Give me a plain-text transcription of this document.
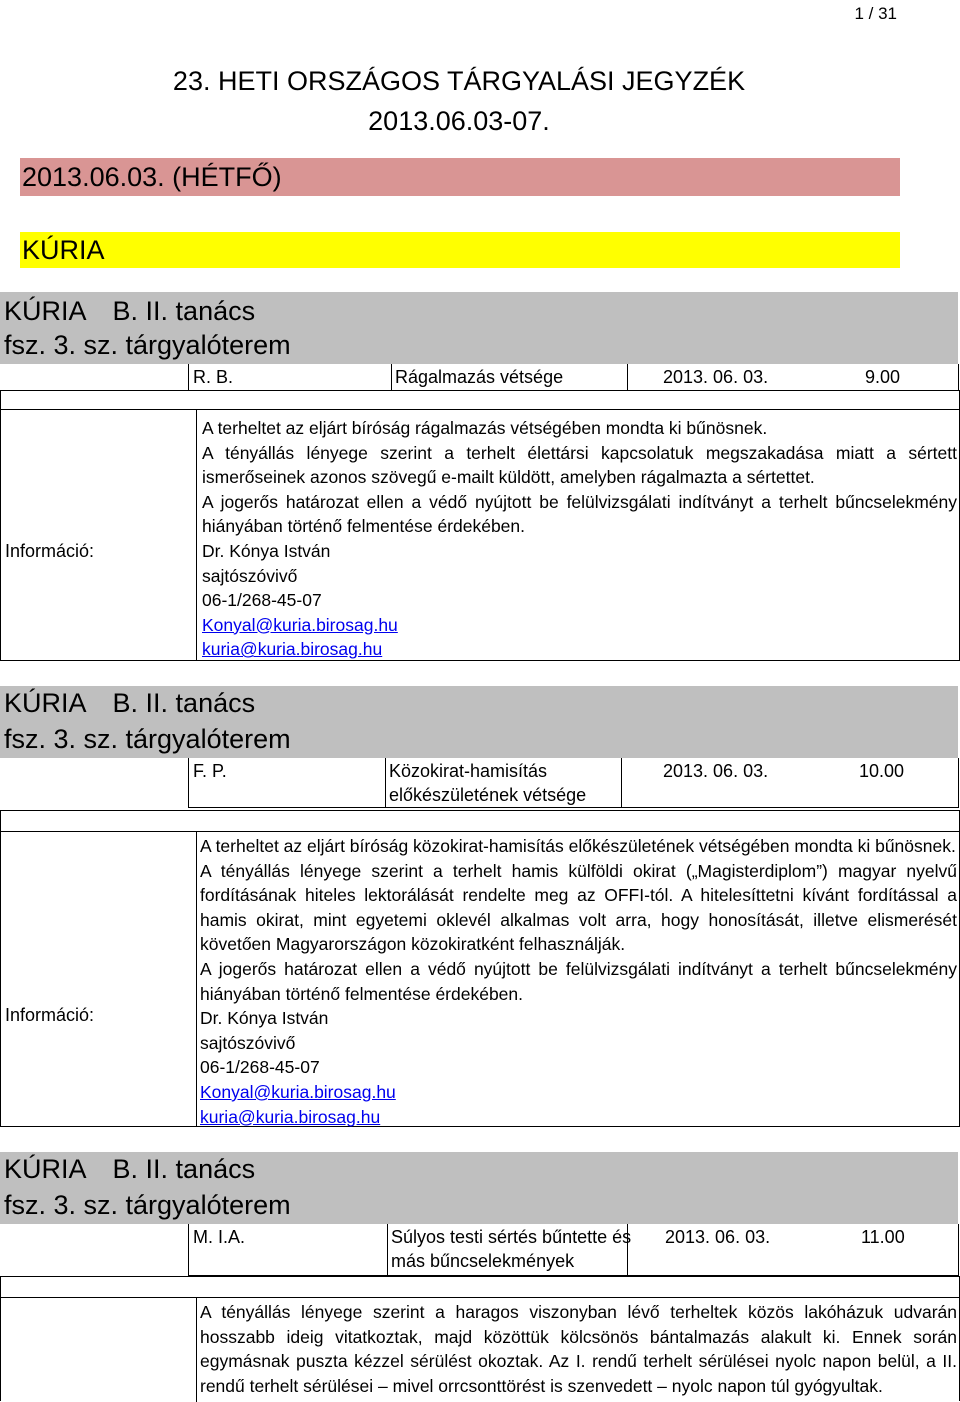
1 / 31
23. HETI ORSZÁGOS TÁRGYALÁSI JEGYZÉK
2013.06.03-07.
2013.06.03. (HÉTFŐ)
KÚRIA
KÚRIA B. II. tanács
fsz. 3. sz. tárgyalóterem
R. B.	Rágalmazás vétsége	2013. 06. 03.	9.00
Információ:

A terheltet az eljárt bíróság rágalmazás vétségében mondta ki bűnösnek.

A tényállás lényege szerint a terhelt élettársi kapcsolatuk megszakadása miatt a sértett ismerőseinek azonos szövegű e-mailt küldött, amelyben rágalmazta a sértettet.

A jogerős határozat ellen a védő nyújtott be felülvizsgálati indítványt a terhelt bűncselekmény hiányában történő felmentése érdekében.

Dr. Kónya István

sajtószóvivő

06-1/268-45-07

Konyal@kuria.birosag.hu

kuria@kuria.birosag.hu

KÚRIA B. II. tanács
fsz. 3. sz. tárgyalóterem
F. P.	Közokirat-hamisítás
előkészületének vétsége
2013. 06. 03.	10.00
Információ:

A terheltet az eljárt bíróság közokirat-hamisítás előkészületének vétségében mondta ki bűnösnek.

A tényállás lényege szerint a terhelt hamis külföldi okirat („Magisterdiplom”) magyar nyelvű fordításának hiteles lektorálását rendelte meg az OFFI-tól. A hitelesíttetni kívánt fordítással a hamis okirat, mint egyetemi oklevél alkalmas volt arra, hogy honosítását, illetve elismerését követően Magyarországon közokiratként felhasználják.

A jogerős határozat ellen a védő nyújtott be felülvizsgálati indítványt a terhelt bűncselekmény hiányában történő felmentése érdekében.

Dr. Kónya István

sajtószóvivő

06-1/268-45-07

Konyal@kuria.birosag.hu

kuria@kuria.birosag.hu

KÚRIA B. II. tanács
fsz. 3. sz. tárgyalóterem
M. I.A.	Súlyos testi sértés bűntette és
más bűncselekmények
2013. 06. 03.	11.00

A tényállás lényege szerint a haragos viszonyban lévő terheltek közös lakóházuk udvarán hosszabb ideig vitatkoztak, majd közöttük kölcsönös bántalmazás alakult ki. Ennek során egymásnak puszta kézzel sérülést okoztak. Az I. rendű terhelt sérülései nyolc napon belül, a II. rendű terhelt sérülései – mivel orrcsonttörést is szenvedett – nyolc napon túl gyógyultak.
